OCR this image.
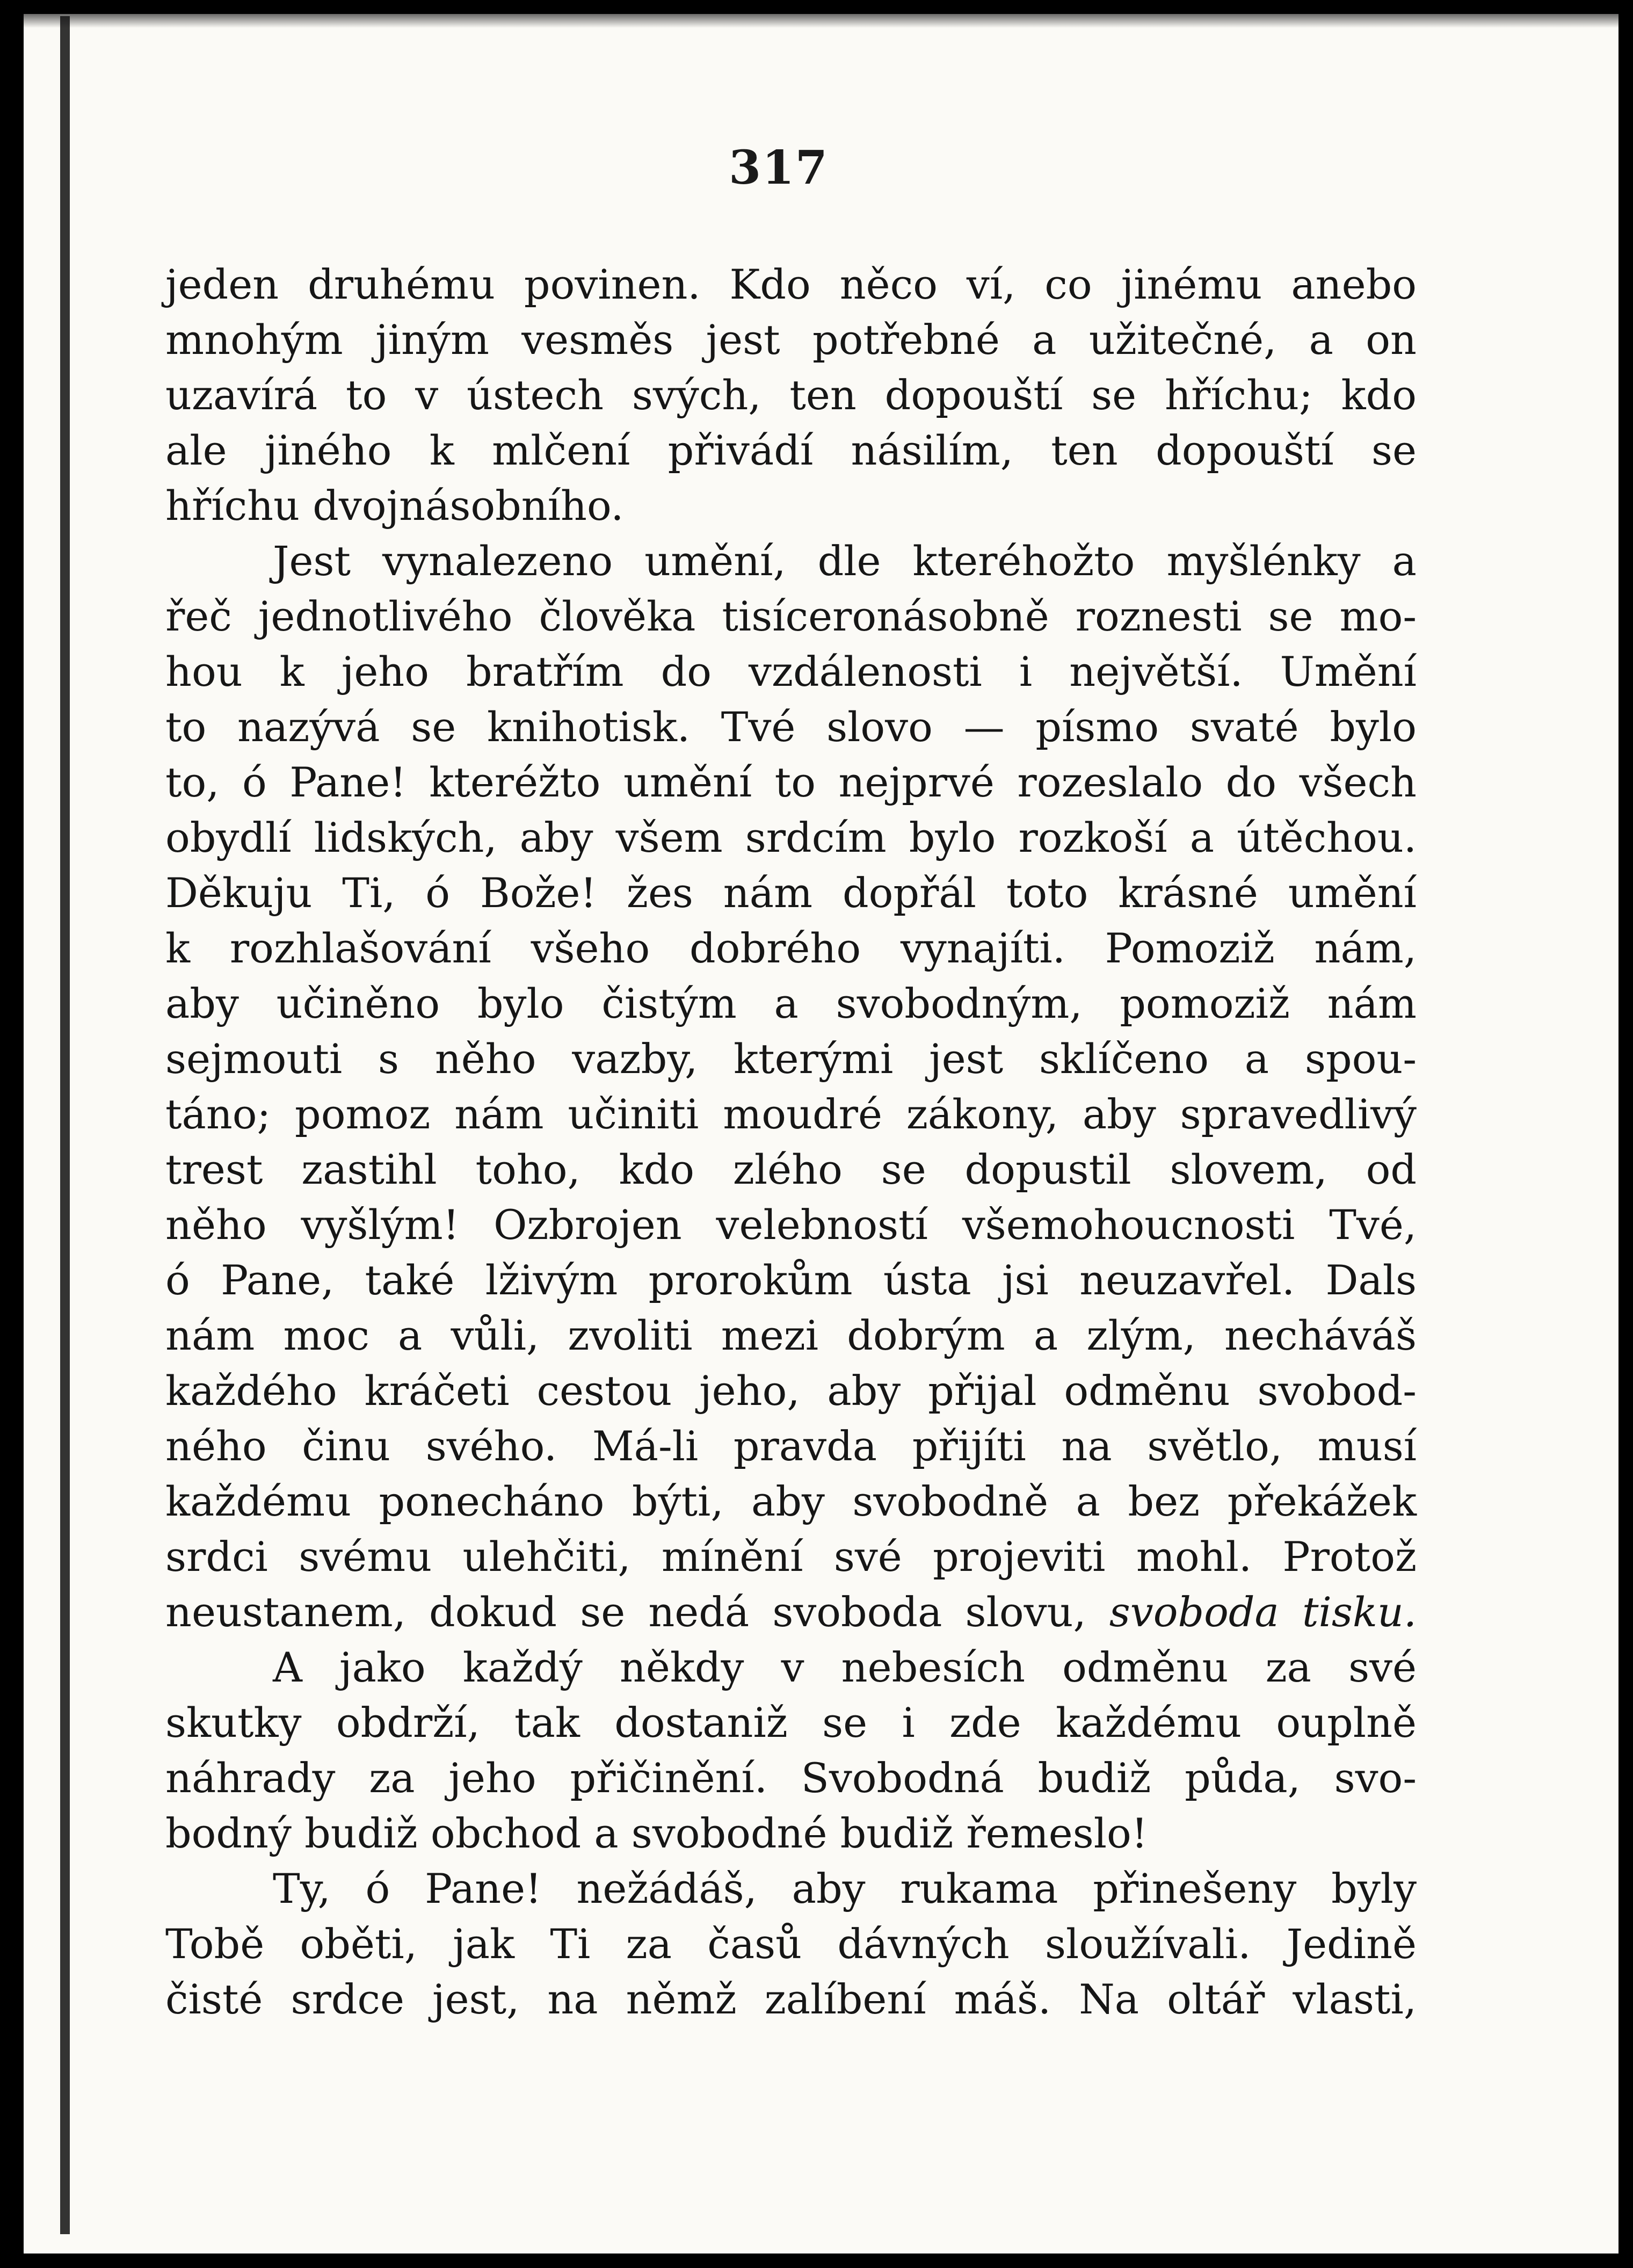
317
jeden druhému povinen. Kdo něco ví, co jinému anebo
mnohým jiným vesměs jest potřebné a užitečné, a on
uzavírá to v ústech svých, ten dopouští se hříchu; kdo
ale jiného k mlčení přivádí násilím, ten dopouští se
hříchu dvojnásobního.
Jest vynalezeno umění, dle kteréhožto myšlénky a
řeč jednotlivého člověka tisíceronásobně roznesti se mo-
hou k jeho bratřím do vzdálenosti i největší. Umění
to nazývá se knihotisk. Tvé slovo — písmo svaté bylo
to, ó Pane! kteréžto umění to nejprvé rozeslalo do všech
obydlí lidských, aby všem srdcím bylo rozkoší a útěchou.
Děkuju Ti, ó Bože! žes nám dopřál toto krásné umění
k rozhlašování všeho dobrého vynajíti. Pomoziž nám,
aby učiněno bylo čistým a svobodným, pomoziž nám
sejmouti s něho vazby, kterými jest sklíčeno a spou-
táno; pomoz nám učiniti moudré zákony, aby spravedlivý
trest zastihl toho, kdo zlého se dopustil slovem, od
něho vyšlým! Ozbrojen velebností všemohoucnosti Tvé,
ó Pane, také lživým prorokům ústa jsi neuzavřel. Dals
nám moc a vůli, zvoliti mezi dobrým a zlým, necháváš
každého kráčeti cestou jeho, aby přijal odměnu svobod-
ného činu svého. Má-li pravda přijíti na světlo, musí
každému ponecháno býti, aby svobodně a bez překážek
srdci svému ulehčiti, mínění své projeviti mohl. Protož
neustanem, dokud se nedá svoboda slovu, svoboda tisku.
A jako každý někdy v nebesích odměnu za své
skutky obdrží, tak dostaniž se i zde každému ouplně
náhrady za jeho přičinění. Svobodná budiž půda, svo-
bodný budiž obchod a svobodné budiž řemeslo!
Ty, ó Pane! nežádáš, aby rukama přinešeny byly
Tobě oběti, jak Ti za časů dávných sloužívali. Jedině
čisté srdce jest, na němž zalíbení máš. Na oltář vlasti,
